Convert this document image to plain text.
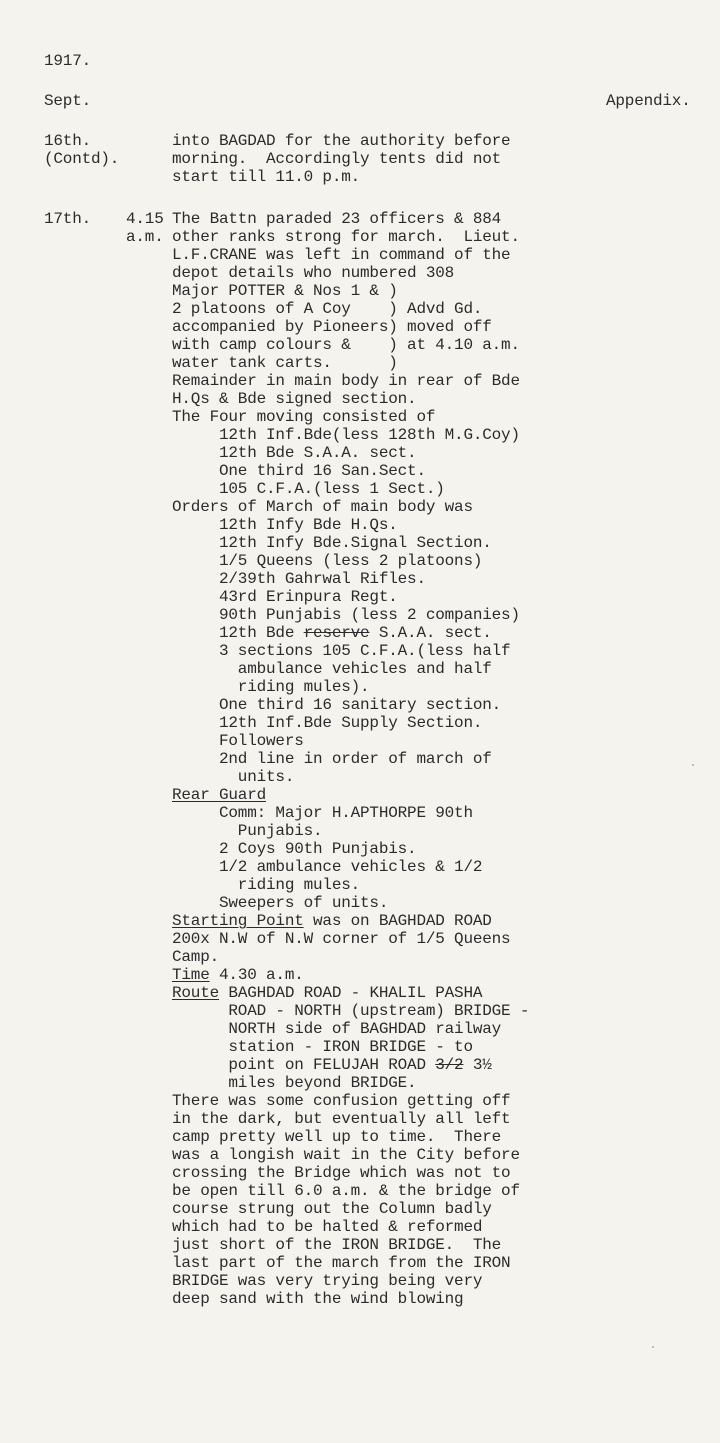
1917.
Sept.	Appendix.
16th.
(Contd).
into BAGDAD for the authority before
morning.  Accordingly tents did not
start till 11.0 p.m.
17th. 4.15
a.m.
The Battn paraded 23 officers & 884
other ranks strong for march.  Lieut.
L.F.CRANE was left in command of the
depot details who numbered 308
Major POTTER & Nos 1 & )
2 platoons of A Coy    ) Advd Gd.
accompanied by Pioneers) moved off
with camp colours &    ) at 4.10 a.m.
water tank carts.      )
Remainder in main body in rear of Bde
H.Qs & Bde signed section.
The Four moving consisted of
12th Inf.Bde(less 128th M.G.Coy)
12th Bde S.A.A. sect.
One third 16 San.Sect.
105 C.F.A.(less 1 Sect.)
Orders of March of main body was
12th Infy Bde H.Qs.
12th Infy Bde.Signal Section.
1/5 Queens (less 2 platoons)
2/39th Gahrwal Rifles.
43rd Erinpura Regt.
90th Punjabis (less 2 companies)
12th Bde reserve S.A.A. sect.
3 sections 105 C.F.A.(less half
ambulance vehicles and half
riding mules).
One third 16 sanitary section.
12th Inf.Bde Supply Section.
Followers
2nd line in order of march of
units.
Rear Guard
Comm: Major H.APTHORPE 90th
Punjabis.
2 Coys 90th Punjabis.
1/2 ambulance vehicles & 1/2
riding mules.
Sweepers of units.
Starting Point was on BAGHDAD ROAD
200x N.W of N.W corner of 1/5 Queens
Camp.
Time 4.30 a.m.
Route BAGHDAD ROAD - KHALIL PASHA
ROAD - NORTH (upstream) BRIDGE -
NORTH side of BAGHDAD railway
station - IRON BRIDGE - to
point on FELUJAH ROAD 3/2 3½
miles beyond BRIDGE.
There was some confusion getting off
in the dark, but eventually all left
camp pretty well up to time.  There
was a longish wait in the City before
crossing the Bridge which was not to
be open till 6.0 a.m. & the bridge of
course strung out the Column badly
which had to be halted & reformed
just short of the IRON BRIDGE.  The
last part of the march from the IRON
BRIDGE was very trying being very
deep sand with the wind blowing
